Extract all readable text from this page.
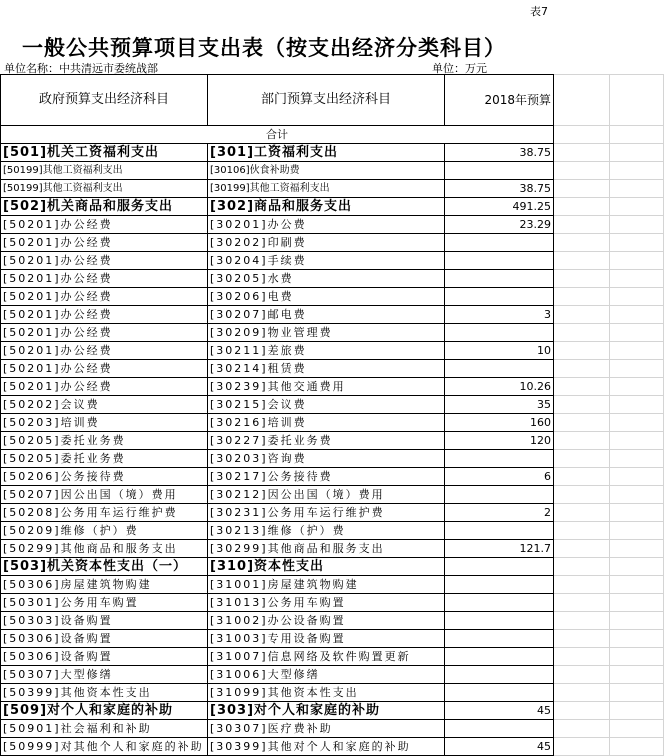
表7
一般公共预算项目支出表（按支出经济分类科目）
单位名称：中共清远市委统战部	单位：万元
政府预算支出经济科目	部门预算支出经济科目	2018年预算		
合计				
[501]机关工资福利支出	[301]工资福利支出	38.75		
[50199]其他工资福利支出	[30106]伙食补助费			
[50199]其他工资福利支出	[30199]其他工资福利支出	38.75		
[502]机关商品和服务支出	[302]商品和服务支出	491.25		
[50201]办公经费	[30201]办公费	23.29		
[50201]办公经费	[30202]印刷费			
[50201]办公经费	[30204]手续费			
[50201]办公经费	[30205]水费			
[50201]办公经费	[30206]电费			
[50201]办公经费	[30207]邮电费	3		
[50201]办公经费	[30209]物业管理费			
[50201]办公经费	[30211]差旅费	10		
[50201]办公经费	[30214]租赁费			
[50201]办公经费	[30239]其他交通费用	10.26		
[50202]会议费	[30215]会议费	35		
[50203]培训费	[30216]培训费	160		
[50205]委托业务费	[30227]委托业务费	120		
[50205]委托业务费	[30203]咨询费			
[50206]公务接待费	[30217]公务接待费	6		
[50207]因公出国（境）费用	[30212]因公出国（境）费用			
[50208]公务用车运行维护费	[30231]公务用车运行维护费	2		
[50209]维修（护）费	[30213]维修（护）费			
[50299]其他商品和服务支出	[30299]其他商品和服务支出	121.7		
[503]机关资本性支出（一）	[310]资本性支出			
[50306]房屋建筑物购建	[31001]房屋建筑物购建			
[50301]公务用车购置	[31013]公务用车购置			
[50303]设备购置	[31002]办公设备购置			
[50306]设备购置	[31003]专用设备购置			
[50306]设备购置	[31007]信息网络及软件购置更新			
[50307]大型修缮	[31006]大型修缮			
[50399]其他资本性支出	[31099]其他资本性支出			
[509]对个人和家庭的补助	[303]对个人和家庭的补助	45		
[50901]社会福利和补助	[30307]医疗费补助			
[50999]对其他个人和家庭的补助	[30399]其他对个人和家庭的补助	45		
